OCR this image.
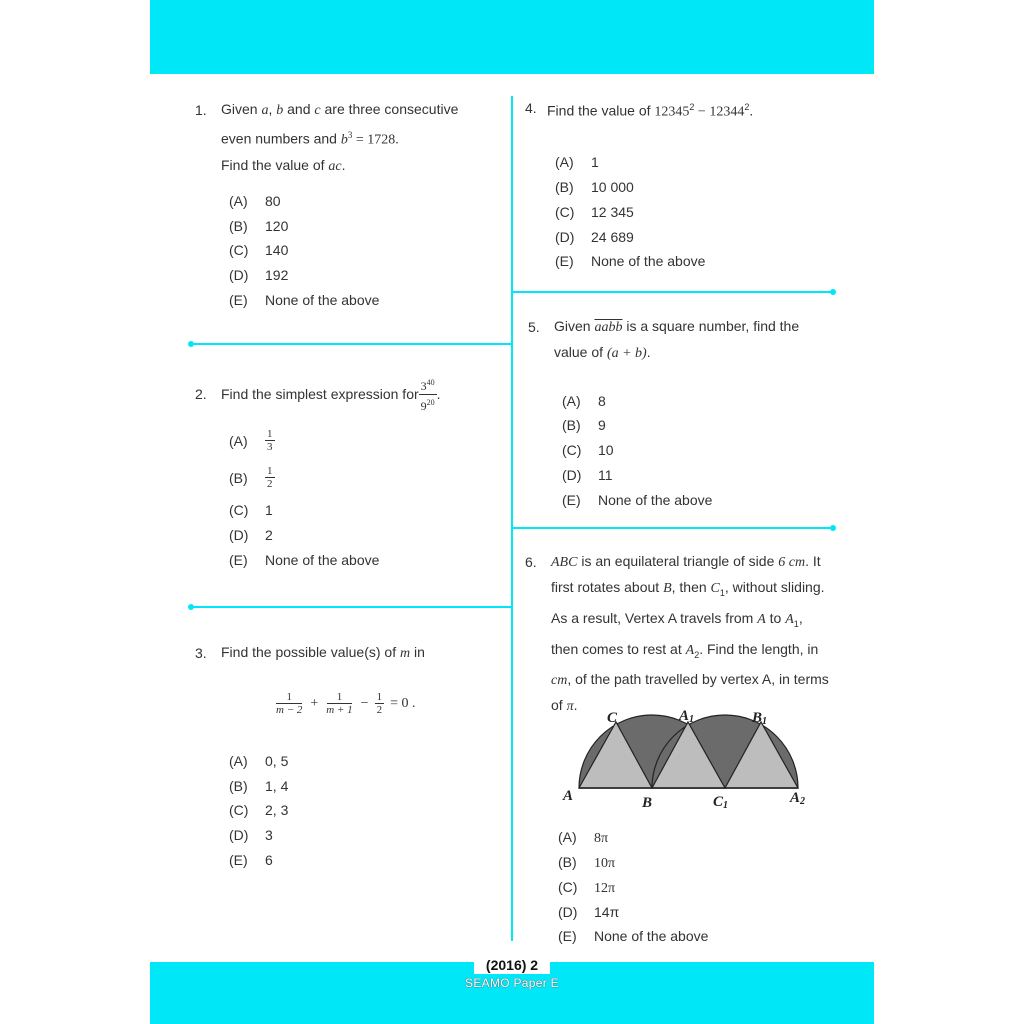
1. Given a, b and c are three consecutive
even numbers and $b^3 = 1728$.
Find the value of ac.
(A) 80
(B) 120
(C) 140
(D) 192
(E) None of the above
2. Find the simplest expression for $\frac{3^{40}}{9^{20}}$ .
(A)	$\frac{1}{3}$
(B)	$\frac{1}{2}$
(C) 1
(D) 2
(E) None of the above
3. Find the possible value(s) of m in
$\frac{1}{m - 2} + \frac{1}{m + 1} - \frac{1}{2} = 0$ .
(A) 0, 5
(B) 1, 4
(C) 2, 3
(D) 3
(E) 6
4. Find the value of $12345^2 - 12344^2$.
(A) 1
(B) 10 000
(C) 12 345
(D) 24 689
(E) None of the above
5. Given aabb is a square number, find the
value of (a + b).
(A) 8
(B) 9
(C) 10
(D) 11
(E) None of the above
6. ABC is an equilateral triangle of side 6 cm. It
first rotates about B, then $C_1$, without sliding.
As a result, Vertex A travels from A to $A_1$,
then comes to rest at $A_2$. Find the length, in
cm, of the path travelled by vertex A, in terms
of π.
C	A1	B1
A	B	C1	A2
(A) 8π
(B) 10π
(C) 12π
(D) 14π
(E) None of the above
(2016) 2
SEAMO Paper E
